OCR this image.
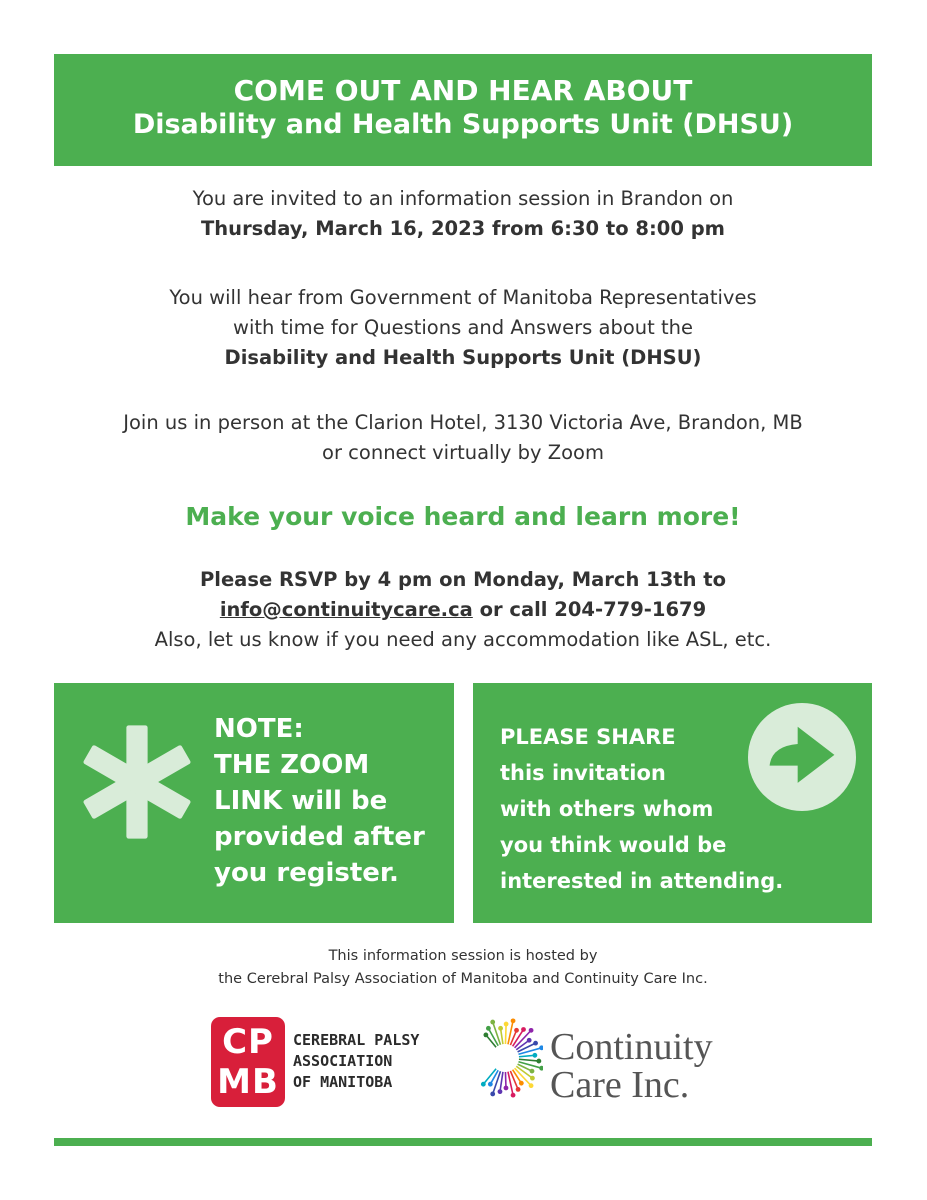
COME OUT AND HEAR ABOUT
Disability and Health Supports Unit (DHSU)
You are invited to an information session in Brandon on
Thursday, March 16, 2023 from 6:30 to 8:00 pm
You will hear from Government of Manitoba Representatives
with time for Questions and Answers about the
Disability and Health Supports Unit (DHSU)
Join us in person at the Clarion Hotel, 3130 Victoria Ave, Brandon, MB
or connect virtually by Zoom
Make your voice heard and learn more!
Please RSVP by 4 pm on Monday, March 13th to
info@continuitycare.ca or call 204-779-1679
Also, let us know if you need any accommodation like ASL, etc.
NOTE:
THE ZOOM
LINK will be
provided after
you register.
PLEASE SHARE
this invitation
with others whom
you think would be
interested in attending.
This information session is hosted by
the Cerebral Palsy Association of Manitoba and Continuity Care Inc.
CP
MB
CEREBRAL PALSY
ASSOCIATION
OF MANITOBA
Continuity
Care Inc.
